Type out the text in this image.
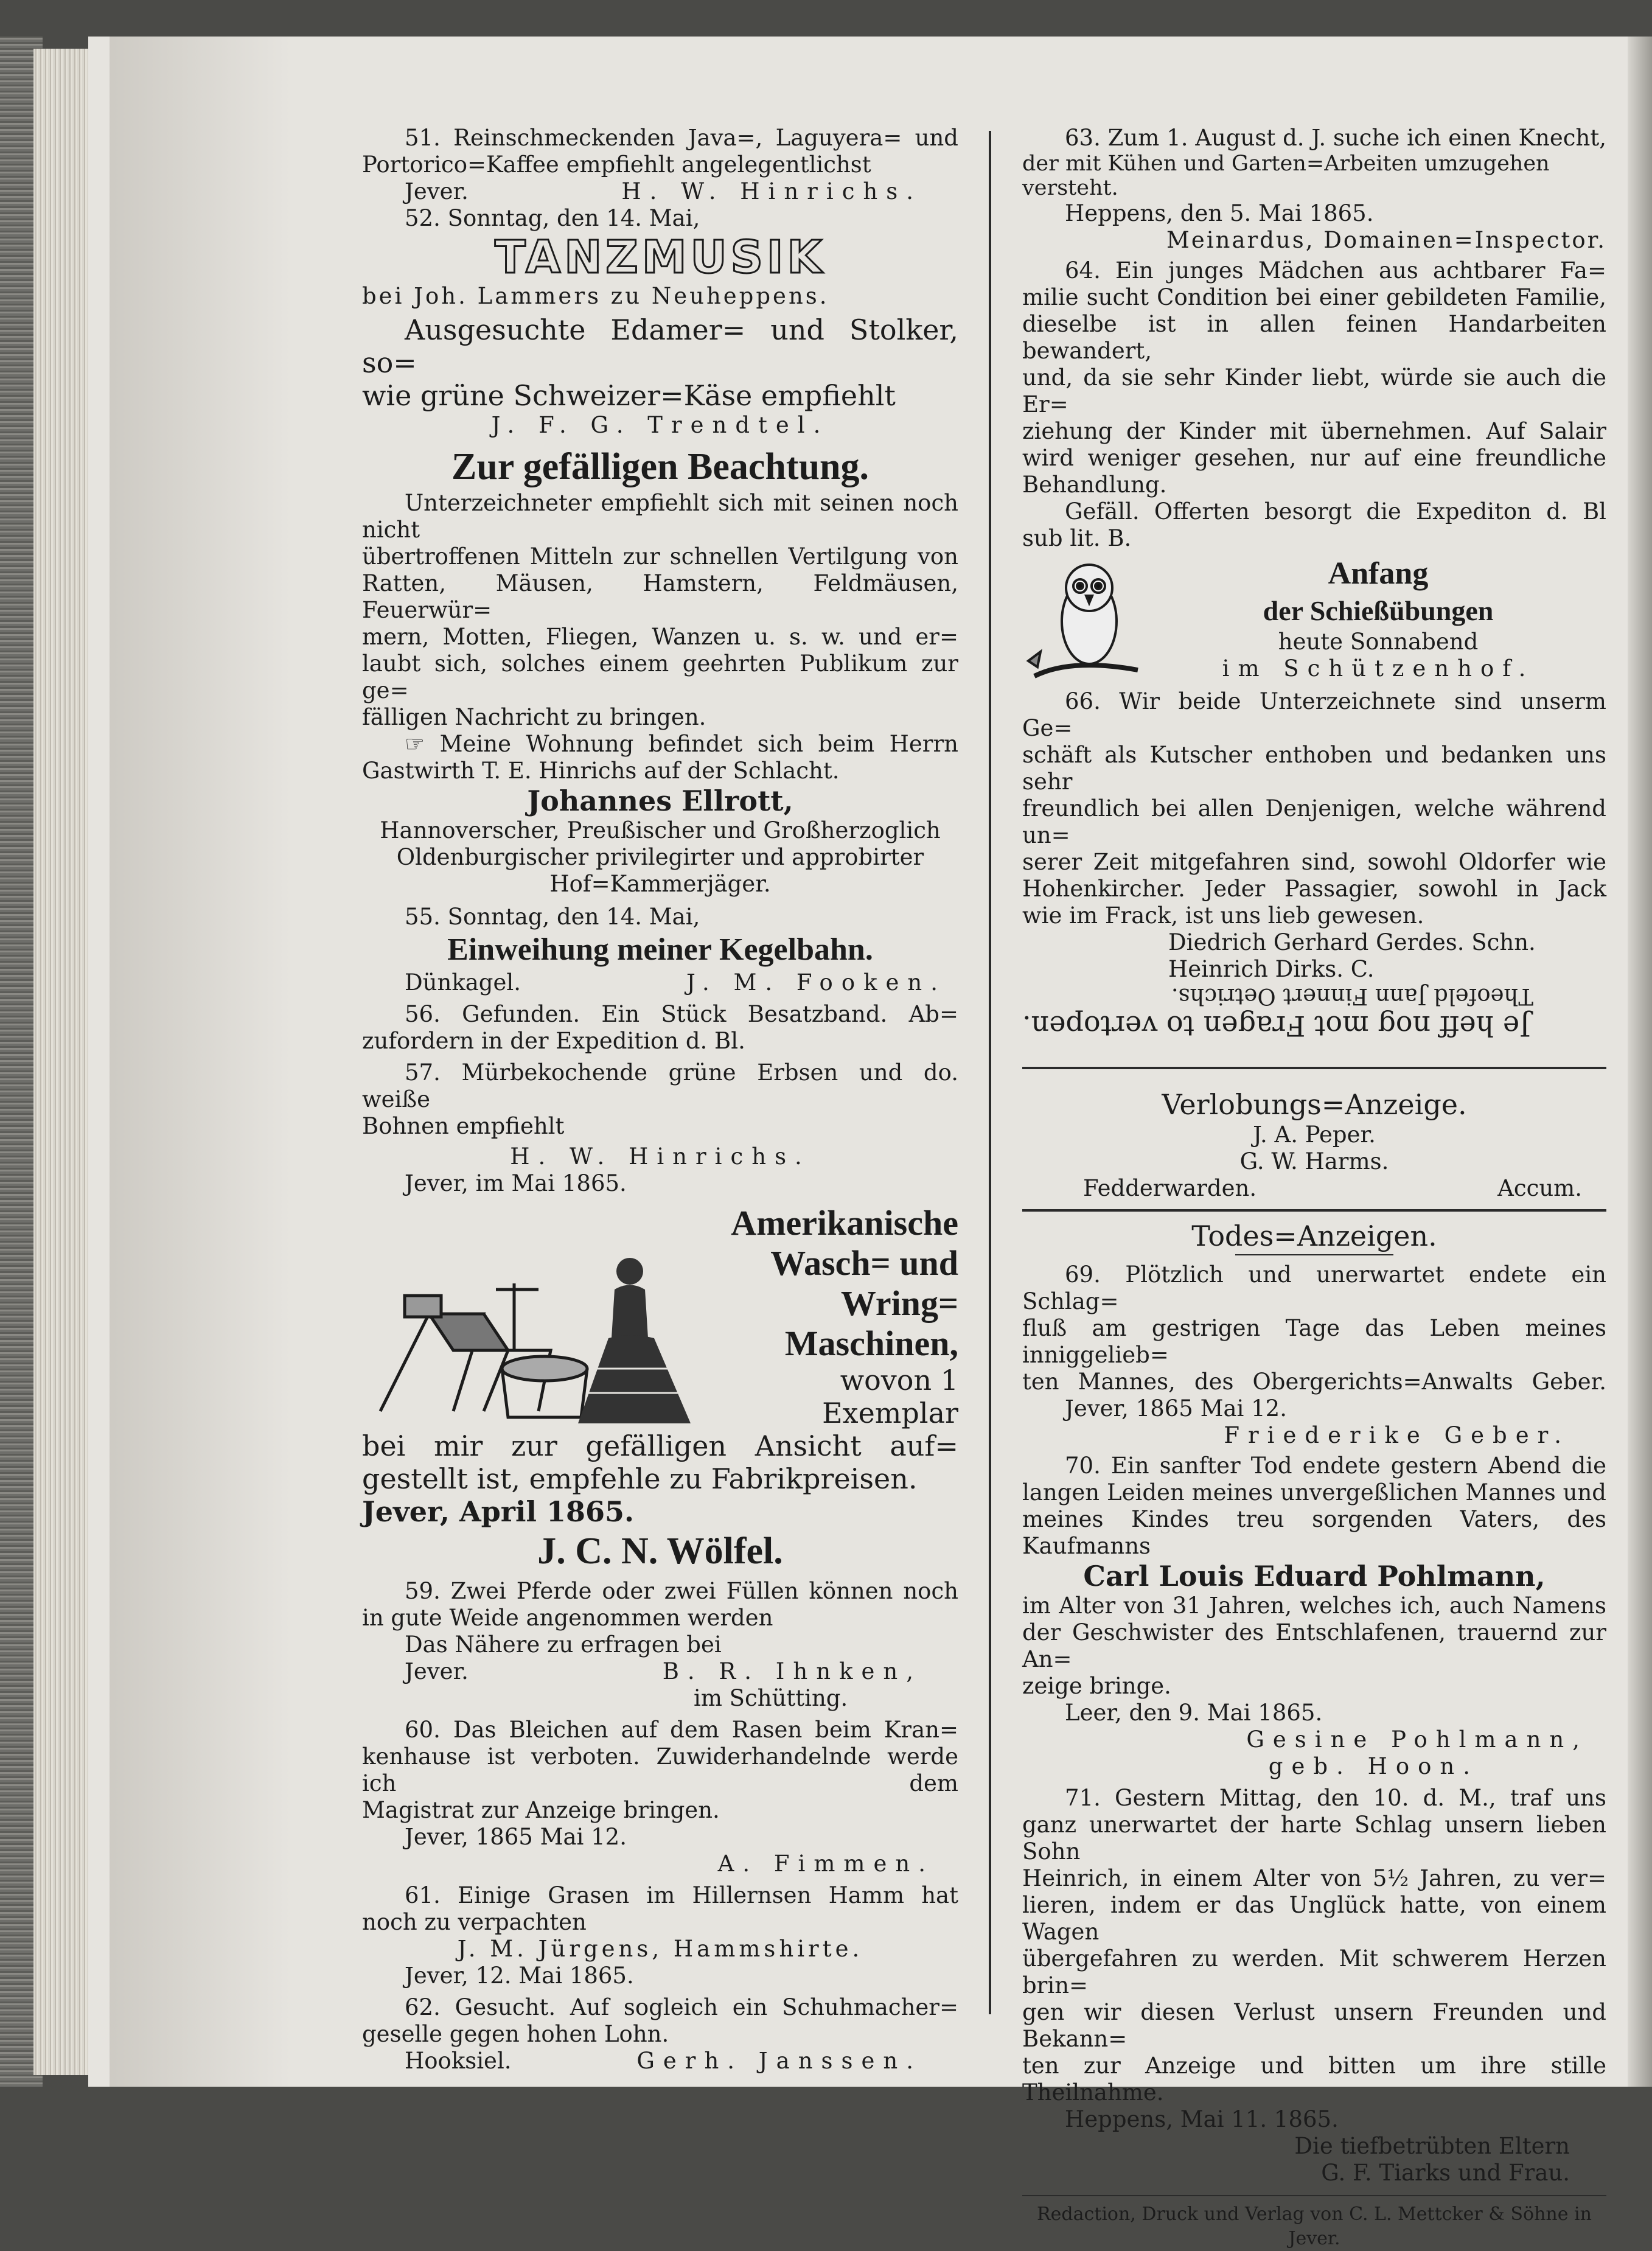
51. Reinschmeckenden Java=, Laguyera= und

Portorico=Kaffee empfiehlt angelegentlichst

Jever.	H. W. Hinrichs.

52. Sonntag, den 14. Mai,

TANZMUSIK

bei Joh. Lammers zu Neuheppens.

Ausgesuchte Edamer= und Stolker, so=

wie grüne Schweizer=Käse empfiehlt

J. F. G. Trendtel.

Zur gefälligen Beachtung.

Unterzeichneter empfiehlt sich mit seinen noch nicht

übertroffenen Mitteln zur schnellen Vertilgung von

Ratten, Mäusen, Hamstern, Feldmäusen, Feuerwür=

mern, Motten, Fliegen, Wanzen u. s. w. und er=

laubt sich, solches einem geehrten Publikum zur ge=

fälligen Nachricht zu bringen.

☞ Meine Wohnung befindet sich beim Herrn

Gastwirth T. E. Hinrichs auf der Schlacht.

Johannes Ellrott,

Hannoverscher, Preußischer und Großherzoglich

Oldenburgischer privilegirter und approbirter

Hof=Kammerjäger.

55. Sonntag, den 14. Mai,

Einweihung meiner Kegelbahn.
Dünkagel.	J. M. Fooken.

56. Gefunden. Ein Stück Besatzband. Ab=

zufordern in der Expedition d. Bl.

57. Mürbekochende grüne Erbsen und do. weiße

Bohnen empfiehlt

H. W. Hinrichs.

Jever, im Mai 1865.

Amerikanische
Wasch= und
Wring=
Maschinen,

wovon 1 Exemplar

bei mir zur gefälligen Ansicht auf=

gestellt ist, empfehle zu Fabrikpreisen.

Jever, April 1865.

J. C. N. Wölfel.

59. Zwei Pferde oder zwei Füllen können noch

in gute Weide angenommen werden

Das Nähere zu erfragen bei

Jever.	B. R. Ihnken,

im Schütting.

60. Das Bleichen auf dem Rasen beim Kran=

kenhause ist verboten. Zuwiderhandelnde werde ich dem

Magistrat zur Anzeige bringen.

Jever, 1865 Mai 12.

A. Fimmen.

61. Einige Grasen im Hillernsen Hamm hat

noch zu verpachten

J. M. Jürgens, Hammshirte.

Jever, 12. Mai 1865.

62. Gesucht. Auf sogleich ein Schuhmacher=

geselle gegen hohen Lohn.

Hooksiel.	Gerh. Janssen.

63. Zum 1. August d. J. suche ich einen Knecht,

der mit Kühen und Garten=Arbeiten umzugehen versteht.

Heppens, den 5. Mai 1865.

Meinardus, Domainen=Inspector.

64. Ein junges Mädchen aus achtbarer Fa=

milie sucht Condition bei einer gebildeten Familie,

dieselbe ist in allen feinen Handarbeiten bewandert,

und, da sie sehr Kinder liebt, würde sie auch die Er=

ziehung der Kinder mit übernehmen. Auf Salair

wird weniger gesehen, nur auf eine freundliche

Behandlung.

Gefäll. Offerten besorgt die Expediton d. Bl

sub lit. B.

Anfang
der Schießübungen

heute Sonnabend

im Schützenhof.

66. Wir beide Unterzeichnete sind unserm Ge=

schäft als Kutscher enthoben und bedanken uns sehr

freundlich bei allen Denjenigen, welche während un=

serer Zeit mitgefahren sind, sowohl Oldorfer wie

Hohenkircher. Jeder Passagier, sowohl in Jack

wie im Frack, ist uns lieb gewesen.

Diedrich Gerhard Gerdes. Schn.

Heinrich Dirks. C.

Theofeld Jann Finnert Oetrichs.

Je heff nog mot Fragen to vertopen.

Verlobungs=Anzeige.

J. A. Peper.

G. W. Harms.

Fedderwarden.	Accum.
Todes=Anzeigen.

69. Plötzlich und unerwartet endete ein Schlag=

fluß am gestrigen Tage das Leben meines inniggelieb=

ten Mannes, des Obergerichts=Anwalts Geber.

Jever, 1865 Mai 12.

Friederike Geber.

70. Ein sanfter Tod endete gestern Abend die

langen Leiden meines unvergeßlichen Mannes und

meines Kindes treu sorgenden Vaters, des Kaufmanns

Carl Louis Eduard Pohlmann,

im Alter von 31 Jahren, welches ich, auch Namens

der Geschwister des Entschlafenen, trauernd zur An=

zeige bringe.

Leer, den 9. Mai 1865.

Gesine Pohlmann,

geb. Hoon.

71. Gestern Mittag, den 10. d. M., traf uns

ganz unerwartet der harte Schlag unsern lieben Sohn

Heinrich, in einem Alter von 5½ Jahren, zu ver=

lieren, indem er das Unglück hatte, von einem Wagen

übergefahren zu werden. Mit schwerem Herzen brin=

gen wir diesen Verlust unsern Freunden und Bekann=

ten zur Anzeige und bitten um ihre stille Theilnahme.

Heppens, Mai 11. 1865.

Die tiefbetrübten Eltern

G. F. Tiarks und Frau.

Redaction, Druck und Verlag von C. L. Mettcker & Söhne in Jever.
